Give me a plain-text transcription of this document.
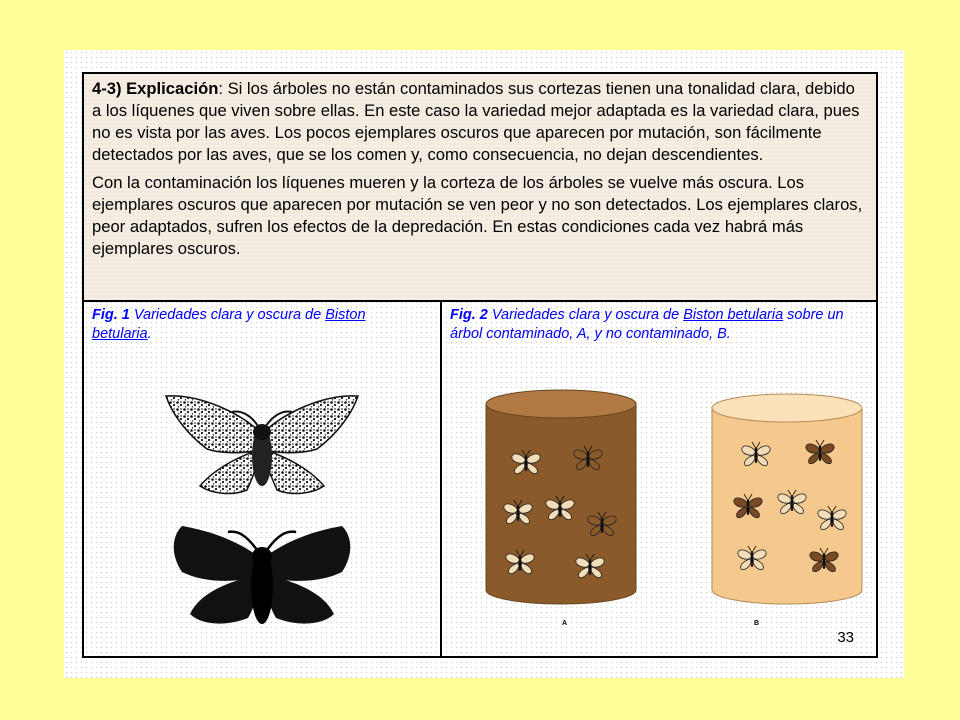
4-3) Explicación: Si los árboles no están contaminados sus cortezas tienen una tonalidad clara, debido a los líquenes que viven sobre ellas. En este caso la variedad mejor adaptada es la variedad clara, pues no es vista por las aves. Los pocos ejemplares oscuros que aparecen por mutación, son fácilmente detectados por las aves, que se los comen y, como consecuencia, no dejan descendientes.

Con la contaminación los líquenes mueren y la corteza de los árboles se vuelve más oscura. Los ejemplares oscuros que aparecen por mutación se ven peor y no son detectados. Los ejemplares claros, peor adaptados, sufren los efectos de la depredación. En estas condiciones cada vez habrá más ejemplares oscuros.

Fig. 1 Variedades clara y oscura de Biston betularia.
Fig. 2 Variedades clara y oscura de Biston betularia sobre un árbol contaminado, A, y no contaminado, B.
A	B
33
